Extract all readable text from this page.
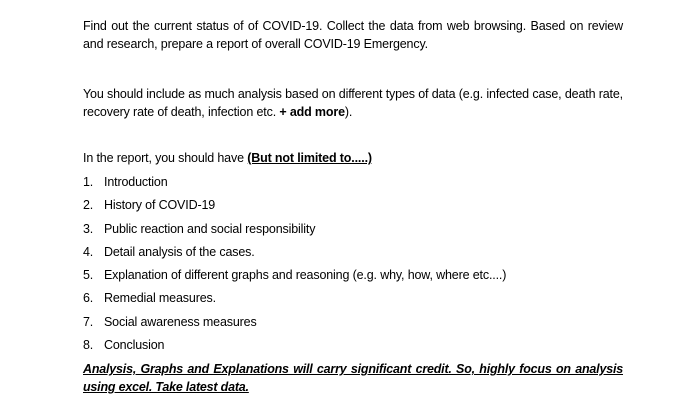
Find out the current status of of COVID-19. Collect the data from web browsing. Based on review and research, prepare a report of overall COVID-19 Emergency.

You should include as much analysis based on different types of data (e.g. infected case, death rate, recovery rate of death, infection etc. + add more).

In the report, you should have (But not limited to.....)

1. Introduction
2. History of COVID-19
3. Public reaction and social responsibility
4. Detail analysis of the cases.
5. Explanation of different graphs and reasoning (e.g. why, how, where etc....)
6. Remedial measures.
7. Social awareness measures
8. Conclusion

Analysis, Graphs and Explanations will carry significant credit. So, highly focus on analysis using excel. Take latest data.
